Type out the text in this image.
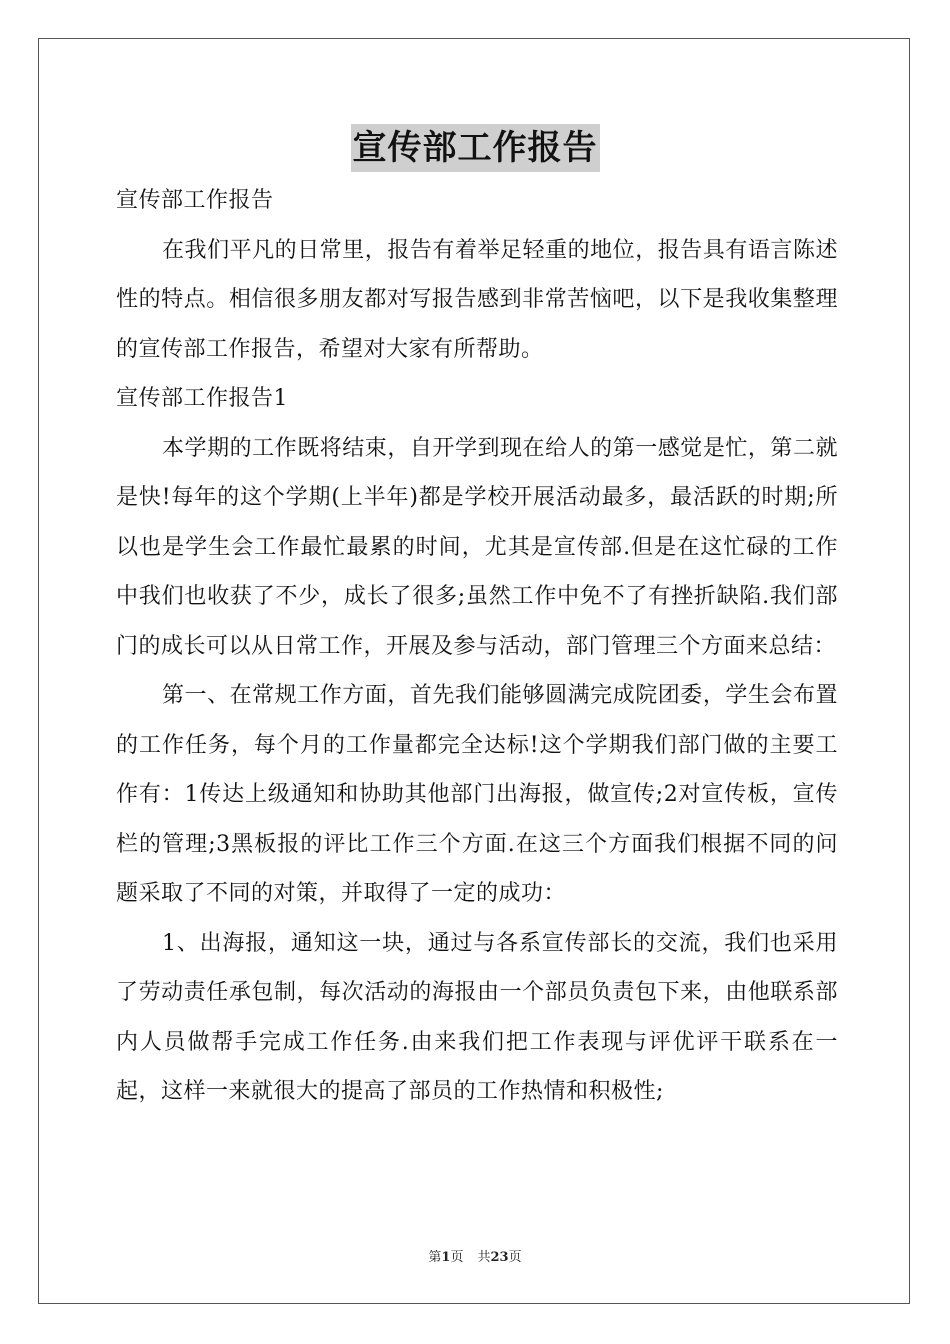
宣传部工作报告

宣传部工作报告

在我们平凡的日常里，报告有着举足轻重的地位，报告具有语言陈述性的特点。相信很多朋友都对写报告感到非常苦恼吧，以下是我收集整理的宣传部工作报告，希望对大家有所帮助。

宣传部工作报告1

本学期的工作既将结束，自开学到现在给人的第一感觉是忙，第二就是快!每年的这个学期(上半年)都是学校开展活动最多，最活跃的时期;所以也是学生会工作最忙最累的时间，尤其是宣传部.但是在这忙碌的工作中我们也收获了不少，成长了很多;虽然工作中免不了有挫折缺陷.我们部门的成长可以从日常工作，开展及参与活动，部门管理三个方面来总结：

第一、在常规工作方面，首先我们能够圆满完成院团委，学生会布置的工作任务，每个月的工作量都完全达标!这个学期我们部门做的主要工作有：1传达上级通知和协助其他部门出海报，做宣传;2对宣传板，宣传栏的管理;3黑板报的评比工作三个方面.在这三个方面我们根据不同的问题采取了不同的对策，并取得了一定的成功：

1、出海报，通知这一块，通过与各系宣传部长的交流，我们也采用了劳动责任承包制，每次活动的海报由一个部员负责包下来，由他联系部内人员做帮手完成工作任务.由来我们把工作表现与评优评干联系在一起，这样一来就很大的提高了部员的工作热情和积极性;

第1页 共23页
